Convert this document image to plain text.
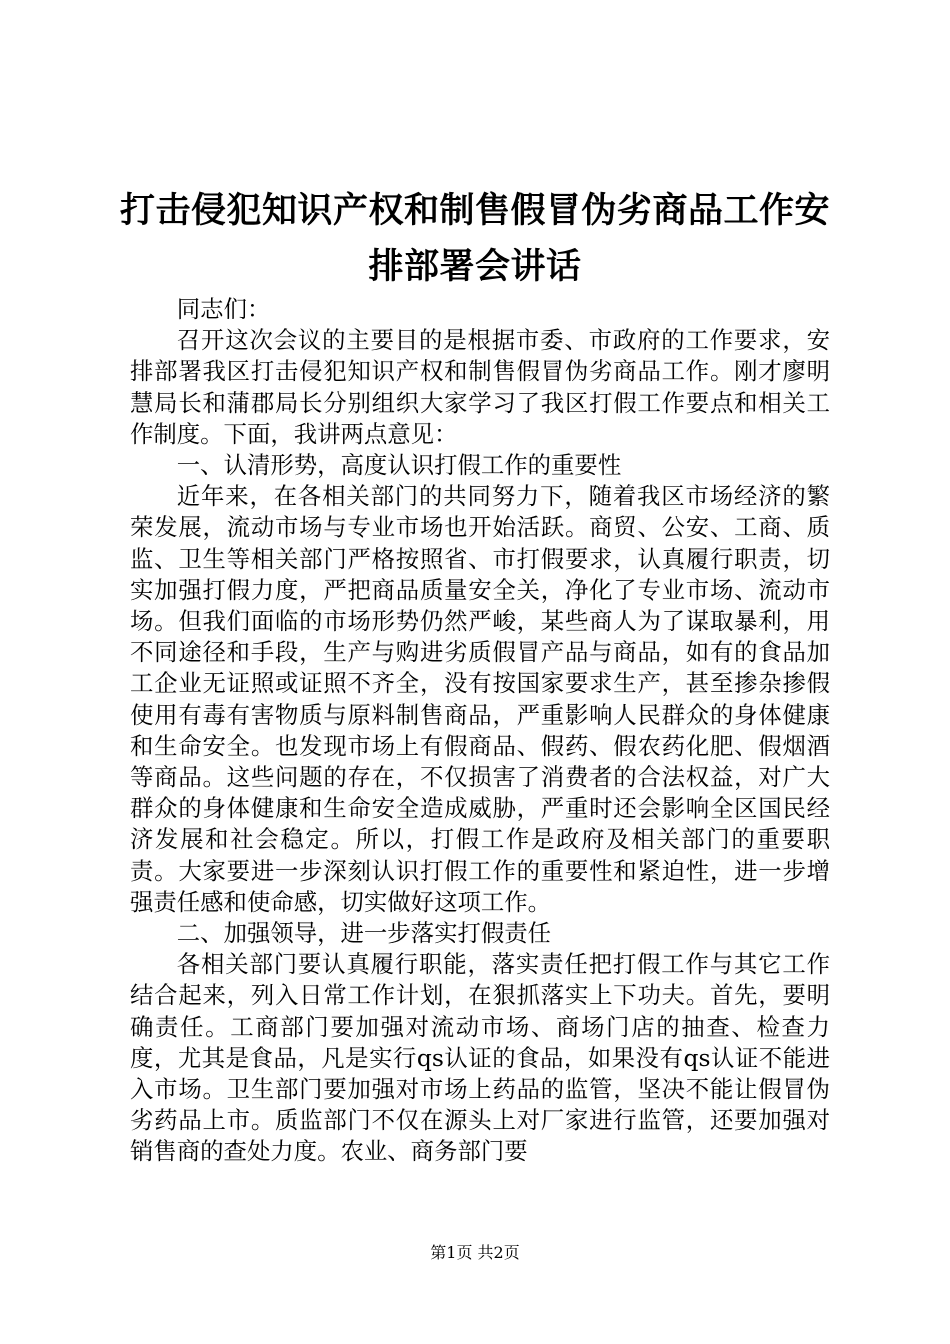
打击侵犯知识产权和制售假冒伪劣商品工作安
排部署会讲话

同志们：

召开这次会议的主要目的是根据市委、市政府的工作要求，安排部署我区打击侵犯知识产权和制售假冒伪劣商品工作。刚才廖明慧局长和蒲郡局长分别组织大家学习了我区打假工作要点和相关工作制度。下面，我讲两点意见：

一、认清形势，高度认识打假工作的重要性

近年来，在各相关部门的共同努力下，随着我区市场经济的繁荣发展，流动市场与专业市场也开始活跃。商贸、公安、工商、质监、卫生等相关部门严格按照省、市打假要求，认真履行职责，切实加强打假力度，严把商品质量安全关，净化了专业市场、流动市场。但我们面临的市场形势仍然严峻，某些商人为了谋取暴利，用不同途径和手段，生产与购进劣质假冒产品与商品，如有的食品加工企业无证照或证照不齐全，没有按国家要求生产，甚至掺杂掺假使用有毒有害物质与原料制售商品，严重影响人民群众的身体健康和生命安全。也发现市场上有假商品、假药、假农药化肥、假烟酒等商品。这些问题的存在，不仅损害了消费者的合法权益，对广大群众的身体健康和生命安全造成威胁，严重时还会影响全区国民经济发展和社会稳定。所以，打假工作是政府及相关部门的重要职责。大家要进一步深刻认识打假工作的重要性和紧迫性，进一步增强责任感和使命感，切实做好这项工作。

二、加强领导，进一步落实打假责任

各相关部门要认真履行职能，落实责任把打假工作与其它工作结合起来，列入日常工作计划，在狠抓落实上下功夫。首先，要明确责任。工商部门要加强对流动市场、商场门店的抽查、检查力度，尤其是食品，凡是实行qs认证的食品，如果没有qs认证不能进入市场。卫生部门要加强对市场上药品的监管，坚决不能让假冒伪劣药品上市。质监部门不仅在源头上对厂家进行监管，还要加强对销售商的查处力度。农业、商务部门要

第1页 共2页
